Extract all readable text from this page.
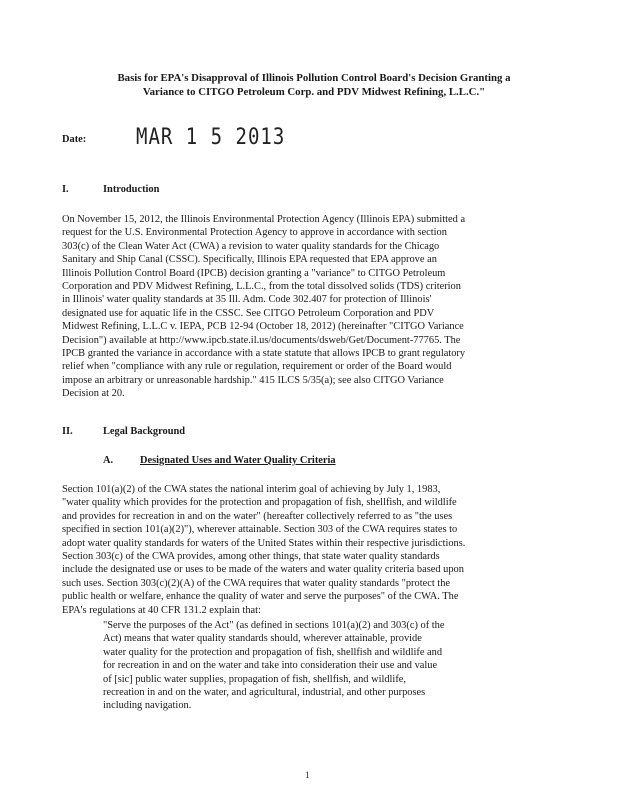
Basis for EPA's Disapproval of Illinois Pollution Control Board's Decision Granting a
Variance to CITGO Petroleum Corp. and PDV Midwest Refining, L.L.C."
Date:	MAR 1 5 2013
I.	Introduction
On November 15, 2012, the Illinois Environmental Protection Agency (Illinois EPA) submitted a
request for the U.S. Environmental Protection Agency to approve in accordance with section
303(c) of the Clean Water Act (CWA) a revision to water quality standards for the Chicago
Sanitary and Ship Canal (CSSC). Specifically, Illinois EPA requested that EPA approve an
Illinois Pollution Control Board (IPCB) decision granting a "variance" to CITGO Petroleum
Corporation and PDV Midwest Refining, L.L.C., from the total dissolved solids (TDS) criterion
in Illinois' water quality standards at 35 Ill. Adm. Code 302.407 for protection of Illinois'
designated use for aquatic life in the CSSC. See CITGO Petroleum Corporation and PDV
Midwest Refining, L.L.C v. IEPA, PCB 12-94 (October 18, 2012) (hereinafter "CITGO Variance
Decision") available at http://www.ipcb.state.il.us/documents/dsweb/Get/Document-77765. The
IPCB granted the variance in accordance with a state statute that allows IPCB to grant regulatory
relief when "compliance with any rule or regulation, requirement or order of the Board would
impose an arbitrary or unreasonable hardship." 415 ILCS 5/35(a); see also CITGO Variance
Decision at 20.
II.	Legal Background
A.	Designated Uses and Water Quality Criteria
Section 101(a)(2) of the CWA states the national interim goal of achieving by July 1, 1983,
"water quality which provides for the protection and propagation of fish, shellfish, and wildlife
and provides for recreation in and on the water" (hereafter collectively referred to as "the uses
specified in section 101(a)(2)"), wherever attainable. Section 303 of the CWA requires states to
adopt water quality standards for waters of the United States within their respective jurisdictions.
Section 303(c) of the CWA provides, among other things, that state water quality standards
include the designated use or uses to be made of the waters and water quality criteria based upon
such uses. Section 303(c)(2)(A) of the CWA requires that water quality standards "protect the
public health or welfare, enhance the quality of water and serve the purposes" of the CWA. The
EPA's regulations at 40 CFR 131.2 explain that:
"Serve the purposes of the Act" (as defined in sections 101(a)(2) and 303(c) of the
Act) means that water quality standards should, wherever attainable, provide
water quality for the protection and propagation of fish, shellfish and wildlife and
for recreation in and on the water and take into consideration their use and value
of [sic] public water supplies, propagation of fish, shellfish, and wildlife,
recreation in and on the water, and agricultural, industrial, and other purposes
including navigation.
1
